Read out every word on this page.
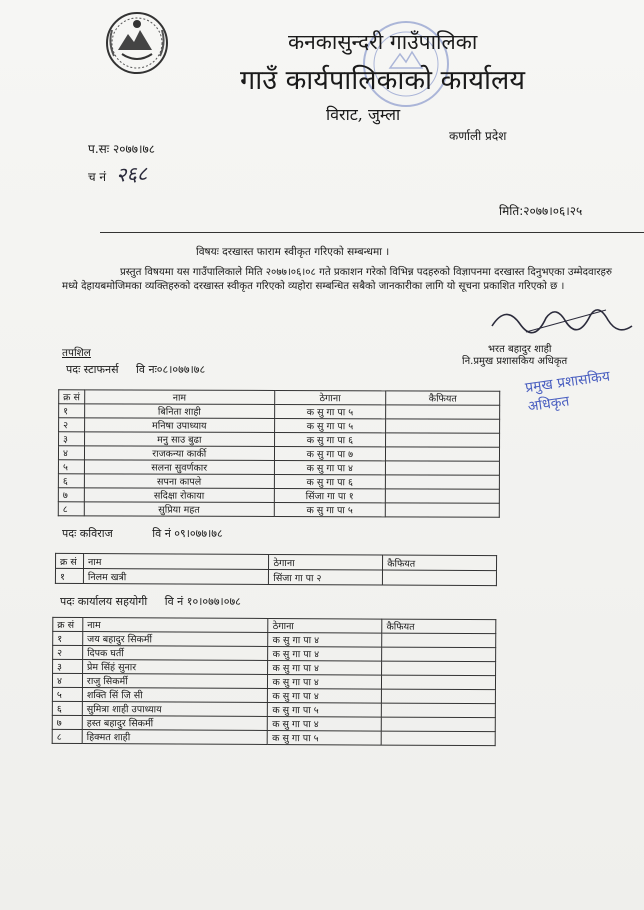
कनकासुन्दरी गाउँपालिका
गाउँ कार्यपालिकाको कार्यालय
विराट, जुम्ला
कर्णाली प्रदेश
प.सः २०७७।७८
च नं २६८
मिति:२०७७।०६।२५
विषयः दरखास्त फाराम स्वीकृत गरिएको सम्बन्धमा ।
प्रस्तुत विषयमा यस गाउँपालिकाले मिति २०७७।०६।०८ गते प्रकाशन गरेको विभिन्न पदहरुको विज्ञापनमा दरखास्त दिनुभएका उम्मेदवारहरु मध्ये देहायबमोजिमका व्यक्तिहरुको दरखास्त स्वीकृत गरिएको व्यहोरा सम्बन्धित सबैको जानकारीका लागि यो सूचना प्रकाशित गरिएको छ ।
भरत बहादुर शाही
नि.प्रमुख प्रशासकिय अधिकृत
प्रमुख प्रशासकिय अधिकृत
तपशिल
पदः स्टाफनर्स वि नः०८।०७७।७८
क्र सं	नाम	ठेगाना	कैफियत
१	बिनिता शाही	क सु गा पा ५	
२	मनिषा उपाध्याय	क सु गा पा ५	
३	मनु साउ बुढा	क सु गा पा ६	
४	राजकन्या कार्की	क सु गा पा ७	
५	सलना सुवर्णकार	क सु गा पा ४	
६	सपना कापले	क सु गा पा ६	
७	सदिक्षा रोकाया	सिंजा गा पा १	
८	सुप्रिया महत	क सु गा पा ५	
पदः कविराज	वि नं ०९।०७७।७८
क्र सं	नाम	ठेगाना	कैफियत
१	निलम खत्री	सिंजा गा पा २	
पदः कार्यालय सहयोगी वि नं १०।०७७।०७८
क्र सं	नाम	ठेगाना	कैफियत
१	जय बहादुर सिकर्मी	क सु गा पा ४	
२	दिपक घर्ती	क सु गा पा ४	
३	प्रेम सिंहं सुनार	क सु गा पा ४	
४	राजु सिकर्मी	क सु गा पा ४	
५	शक्ति सिं जि सी	क सु गा पा ४	
६	सुमित्रा शाही उपाध्याय	क सु गा पा ५	
७	हस्त बहादुर सिकर्मी	क सु गा पा ४	
८	हिक्मत शाही	क सु गा पा ५	
